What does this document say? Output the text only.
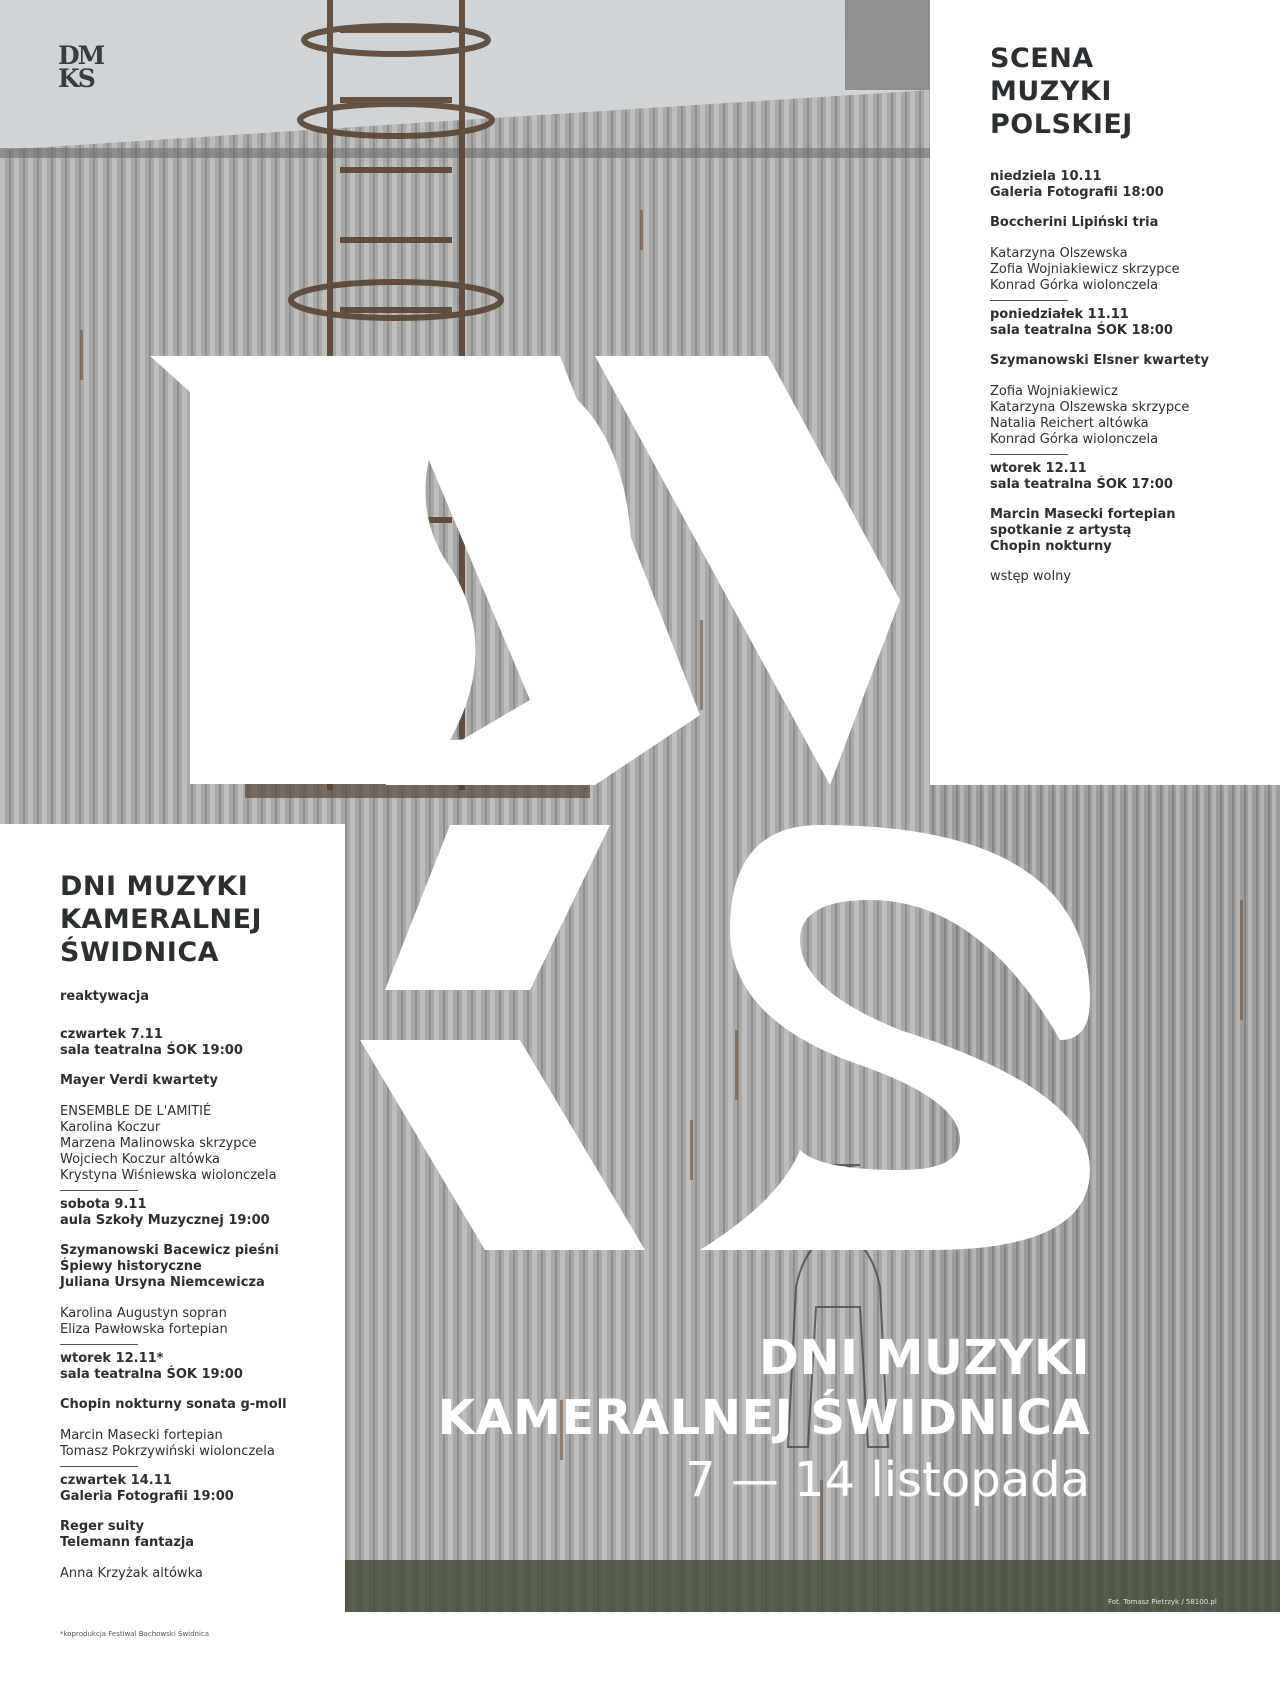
DM
KS
SCENA
MUZYKI
POLSKIEJ
niedziela 10.11
Galeria Fotografii 18:00
Boccherini Lipiński tria
Katarzyna Olszewska
Zofia Wojniakiewicz skrzypce
Konrad Górka wiolonczela
poniedziałek 11.11
sala teatralna ŚOK 18:00
Szymanowski Elsner kwartety
Zofia Wojniakiewicz
Katarzyna Olszewska skrzypce
Natalia Reichert altówka
Konrad Górka wiolonczela
wtorek 12.11
sala teatralna ŚOK 17:00
Marcin Masecki fortepian
spotkanie z artystą
Chopin nokturny
wstęp wolny
DNI MUZYKI
KAMERALNEJ
ŚWIDNICA
reaktywacja
czwartek 7.11
sala teatralna ŚOK 19:00
Mayer Verdi kwartety
ENSEMBLE DE L'AMITIÉ
Karolina Koczur
Marzena Malinowska skrzypce
Wojciech Koczur altówka
Krystyna Wiśniewska wiolonczela
sobota 9.11
aula Szkoły Muzycznej 19:00
Szymanowski Bacewicz pieśni
Śpiewy historyczne
Juliana Ursyna Niemcewicza
Karolina Augustyn sopran
Eliza Pawłowska fortepian
wtorek 12.11*
sala teatralna ŚOK 19:00
Chopin nokturny sonata g-moll
Marcin Masecki fortepian
Tomasz Pokrzywiński wiolonczela
czwartek 14.11
Galeria Fotografii 19:00
Reger suity
Telemann fantazja
Anna Krzyżak altówka
*koprodukcja Festiwal Bachowski Świdnica
Fot. Tomasz Pietrzyk / 58100.pl
DNI MUZYKI
KAMERALNEJ ŚWIDNICA
7 — 14 listopada
